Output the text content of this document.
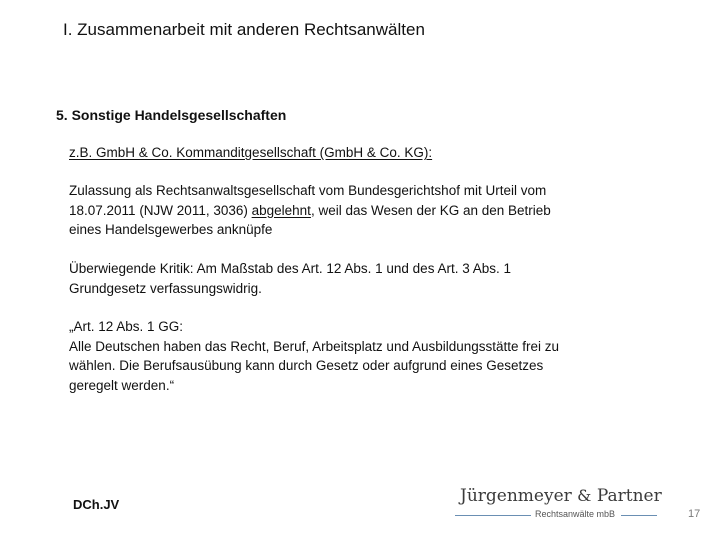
I. Zusammenarbeit mit anderen Rechtsanwälten
5. Sonstige Handelsgesellschaften
z.B. GmbH & Co. Kommanditgesellschaft (GmbH & Co. KG):
Zulassung als Rechtsanwaltsgesellschaft vom Bundesgerichtshof mit Urteil vom
18.07.2011 (NJW 2011, 3036) abgelehnt, weil das Wesen der KG an den Betrieb
eines Handelsgewerbes anknüpfe
Überwiegende Kritik: Am Maßstab des Art. 12 Abs. 1 und des Art. 3 Abs. 1
Grundgesetz verfassungswidrig.
„Art. 12 Abs. 1 GG:
Alle Deutschen haben das Recht, Beruf, Arbeitsplatz und Ausbildungsstätte frei zu
wählen. Die Berufsausübung kann durch Gesetz oder aufgrund eines Gesetzes
geregelt werden.“
DCh.JV	Jürgenmeyer & Partner
Rechtsanwälte mbB	17
